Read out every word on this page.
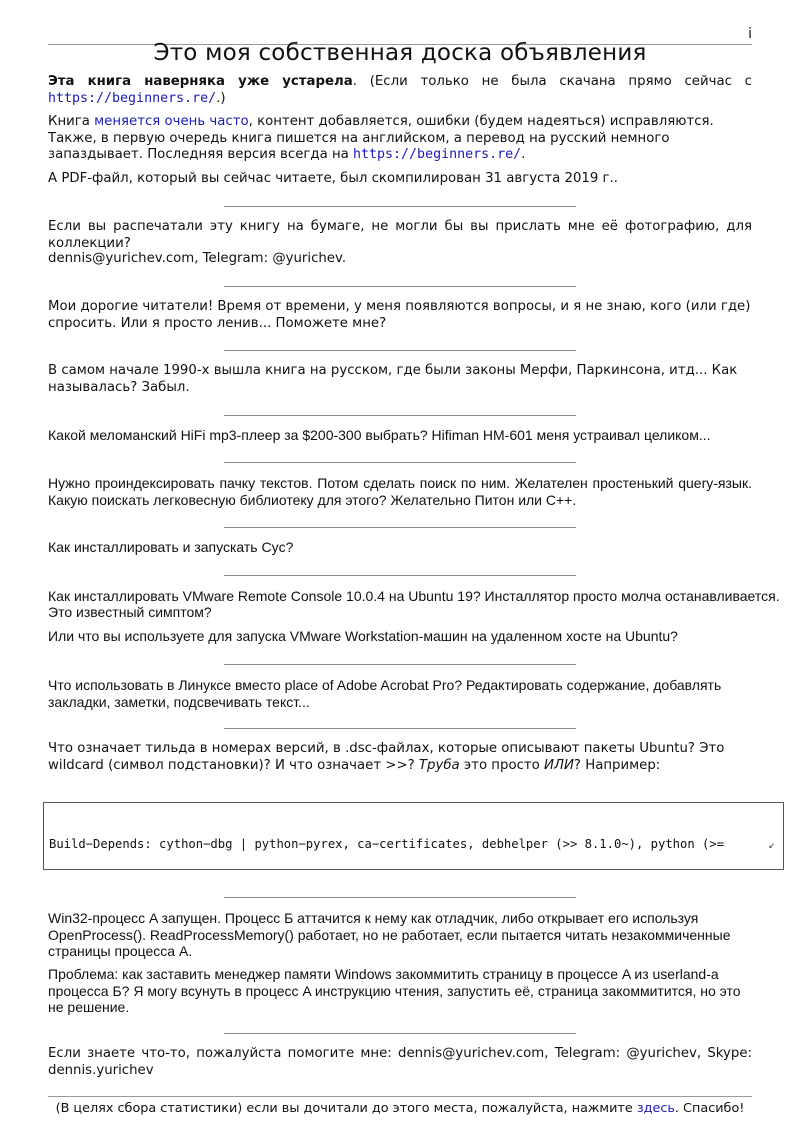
i
Это моя собственная доска объявления

Эта книга наверняка уже устарела. (Если только не была скачана прямо сейчас с https://beginners.re/.)

Книга меняется очень часто, контент добавляется, ошибки (будем надеяться) исправляются. Также, в первую очередь книга пишется на английском, а перевод на русский немного запаздывает. Последняя версия всегда на https://beginners.re/.

А PDF-файл, который вы сейчас читаете, был скомпилирован 31 августа 2019 г..

Если вы распечатали эту книгу на бумаге, не могли бы вы прислать мне её фотографию, для коллекции?

dennis@yurichev.com, Telegram: @yurichev.

Мои дорогие читатели! Время от времени, у меня появляются вопросы, и я не знаю, кого (или где) спросить. Или я просто ленив... Поможете мне?

В самом начале 1990-х вышла книга на русском, где были законы Мерфи, Паркинсона, итд... Как называлась? Забыл.

Какой меломанский HiFi mp3-плеер за $200-300 выбрать? Hifiman HM-601 меня устраивал целиком...

Нужно проиндексировать пачку текстов. Потом сделать поиск по ним. Желателен простенький query-язык. Какую поискать легковесную библиотеку для этого? Желательно Питон или C++.

Как инсталлировать и запускать Cyc?

Как инсталлировать VMware Remote Console 10.0.4 на Ubuntu 19? Инсталлятор просто молча останавливается.

Это известный симптом?

Или что вы используете для запуска VMware Workstation-машин на удаленном хосте на Ubuntu?

Что использовать в Линуксе вместо place of Adobe Acrobat Pro? Редактировать содержание, добавлять закладки, заметки, подсвечивать текст...

Что означает тильда в номерах версий, в .dsc-файлах, которые описывают пакеты Ubuntu? Это wildcard (символ подстановки)? И что означает >>? Труба это просто ИЛИ? Например:

Build−Depends: cython−dbg | python−pyrex, ca−certificates, debhelper (>> 8.1.0~), python (>=	↙

Win32-процесс A запущен. Процесс Б аттачится к нему как отладчик, либо открывает его используя OpenProcess(). ReadProcessMemory() работает, но не работает, если пытается читать незакоммиченные страницы процесса A.

Проблема: как заставить менеджер памяти Windows закоммитить страницу в процессе A из userland-а процесса Б? Я могу всунуть в процесс A инструкцию чтения, запустить её, страница закоммитится, но это не решение.

Если знаете что-то, пожалуйста помогите мне: dennis@yurichev.com, Telegram: @yurichev, Skype: dennis.yurichev

(В целях сбора статистики) если вы дочитали до этого места, пожалуйста, нажмите здесь. Спасибо!
